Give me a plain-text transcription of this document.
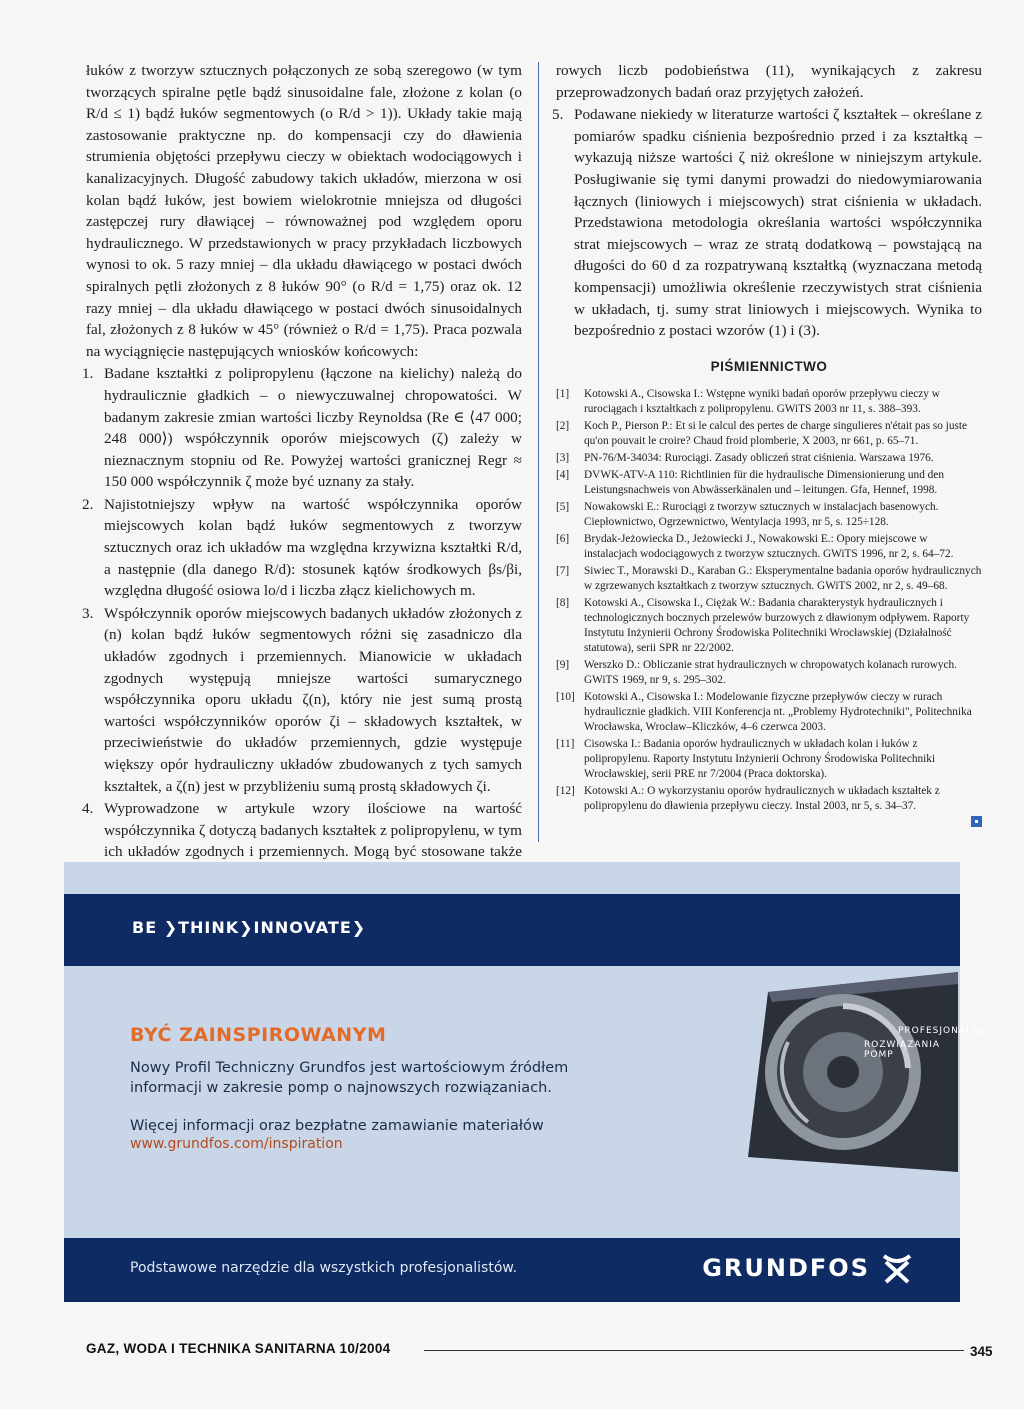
łuków z tworzyw sztucznych połączonych ze sobą szeregowo (w tym tworzących spiralne pętle bądź sinusoidalne fale, złożone z kolan (o R/d ≤ 1) bądź łuków segmentowych (o R/d > 1)). Układy takie mają zastosowanie praktyczne np. do kompensacji czy do dławienia strumienia objętości przepływu cieczy w obiektach wodociągowych i kanalizacyjnych. Długość zabudowy takich układów, mierzona w osi kolan bądź łuków, jest bowiem wielokrotnie mniejsza od długości zastępczej rury dławiącej – równoważnej pod względem oporu hydraulicznego. W przedstawionych w pracy przykładach liczbowych wynosi to ok. 5 razy mniej – dla układu dławiącego w postaci dwóch spiralnych pętli złożonych z 8 łuków 90° (o R/d = 1,75) oraz ok. 12 razy mniej – dla układu dławiącego w postaci dwóch sinusoidalnych fal, złożonych z 8 łuków w 45° (również o R/d = 1,75). Praca pozwala na wyciągnięcie następujących wniosków końcowych:

1. Badane kształtki z polipropylenu (łączone na kielichy) należą do hydraulicznie gładkich – o niewyczuwalnej chropowatości. W badanym zakresie zmian wartości liczby Reynoldsa (Re ∈ ⟨47 000; 248 000⟩) współczynnik oporów miejscowych (ζ) zależy w nieznacznym stopniu od Re. Powyżej wartości granicznej Regr ≈ 150 000 współczynnik ζ może być uznany za stały.
2. Najistotniejszy wpływ na wartość współczynnika oporów miejscowych kolan bądź łuków segmentowych z tworzyw sztucznych oraz ich układów ma względna krzywizna kształtki R/d, a następnie (dla danego R/d): stosunek kątów środkowych βs/βi, względna długość osiowa lo/d i liczba złącz kielichowych m.
3. Współczynnik oporów miejscowych badanych układów złożonych z (n) kolan bądź łuków segmentowych różni się zasadniczo dla układów zgodnych i przemiennych. Mianowicie w układach zgodnych występują mniejsze wartości sumarycznego współczynnika oporu układu ζ(n), który nie jest sumą prostą wartości współczynników oporów ζi – składowych kształtek, w przeciwieństwie do układów przemiennych, gdzie występuje większy opór hydrauliczny układów zbudowanych z tych samych kształtek, a ζ(n) jest w przybliżeniu sumą prostą składowych ζi.
4. Wyprowadzone w artykule wzory ilościowe na wartość współczynnika ζ dotyczą badanych kształtek z polipropylenu, w tym ich układów zgodnych i przemiennych. Mogą być stosowane także

rowych liczb podobieństwa (11), wynikających z zakresu przeprowadzonych badań oraz przyjętych założeń.

5. Podawane niekiedy w literaturze wartości ζ kształtek – określane z pomiarów spadku ciśnienia bezpośrednio przed i za kształtką – wykazują niższe wartości ζ niż określone w niniejszym artykule. Posługiwanie się tymi danymi prowadzi do niedowymiarowania łącznych (liniowych i miejscowych) strat ciśnienia w układach. Przedstawiona metodologia określania wartości współczynnika strat miejscowych – wraz ze stratą dodatkową – powstającą na długości do 60 d za rozpatrywaną kształtką (wyznaczana metodą kompensacji) umożliwia określenie rzeczywistych strat ciśnienia w układach, tj. sumy strat liniowych i miejscowych. Wynika to bezpośrednio z postaci wzorów (1) i (3).
PIŚMIENNICTWO
[1] Kotowski A., Cisowska I.: Wstępne wyniki badań oporów przepływu cieczy w rurociągach i kształtkach z polipropylenu. GWiTS 2003 nr 11, s. 388–393.
[2] Koch P., Pierson P.: Et si le calcul des pertes de charge singulieres n'était pas so juste qu'on pouvait le croire? Chaud froid plomberie, X 2003, nr 661, p. 65–71.
[3] PN-76/M-34034: Rurociągi. Zasady obliczeń strat ciśnienia. Warszawa 1976.
[4] DVWK-ATV-A 110: Richtlinien für die hydraulische Dimensionierung und den Leistungsnachweis von Abwässerkänalen und – leitungen. Gfa, Hennef, 1998.
[5] Nowakowski E.: Rurociągi z tworzyw sztucznych w instalacjach basenowych. Ciepłownictwo, Ogrzewnictwo, Wentylacja 1993, nr 5, s. 125÷128.
[6] Brydak-Jeżowiecka D., Jeżowiecki J., Nowakowski E.: Opory miejscowe w instalacjach wodociągowych z tworzyw sztucznych. GWiTS 1996, nr 2, s. 64–72.
[7] Siwiec T., Morawski D., Karaban G.: Eksperymentalne badania oporów hydraulicznych w zgrzewanych kształtkach z tworzyw sztucznych. GWiTS 2002, nr 2, s. 49–68.
[8] Kotowski A., Cisowska I., Ciężak W.: Badania charakterystyk hydraulicznych i technologicznych bocznych przelewów burzowych z dławionym odpływem. Raporty Instytutu Inżynierii Ochrony Środowiska Politechniki Wrocławskiej (Działalność statutowa), serii SPR nr 22/2002.
[9] Werszko D.: Obliczanie strat hydraulicznych w chropowatych kolanach rurowych. GWiTS 1969, nr 9, s. 295–302.
[10] Kotowski A., Cisowska I.: Modelowanie fizyczne przepływów cieczy w rurach hydraulicznie gładkich. VIII Konferencja nt. „Problemy Hydrotechniki", Politechnika Wrocławska, Wrocław–Kliczków, 4–6 czerwca 2003.
[11] Cisowska I.: Badania oporów hydraulicznych w układach kolan i łuków z polipropylenu. Raporty Instytutu Inżynierii Ochrony Środowiska Politechniki Wrocławskiej, serii PRE nr 7/2004 (Praca doktorska).
[12] Kotowski A.: O wykorzystaniu oporów hydraulicznych w układach kształtek z polipropylenu do dławienia przepływu cieczy. Instal 2003, nr 5, s. 34–37.
BE ❯THINK❯INNOVATE❯
BYĆ ZAINSPIROWANYM
Nowy Profil Techniczny Grundfos jest wartościowym źródłem informacji w zakresie pomp o najnowszych rozwiązaniach.
Więcej informacji oraz bezpłatne zamawianie materiałów
www.grundfos.com/inspiration
PROFESJONALNE
ROZWIĄZANIA POMP
Podstawowe narzędzie dla wszystkich profesjonalistów.	GRUNDFOS
GAZ, WODA I TECHNIKA SANITARNA 10/2004	345
